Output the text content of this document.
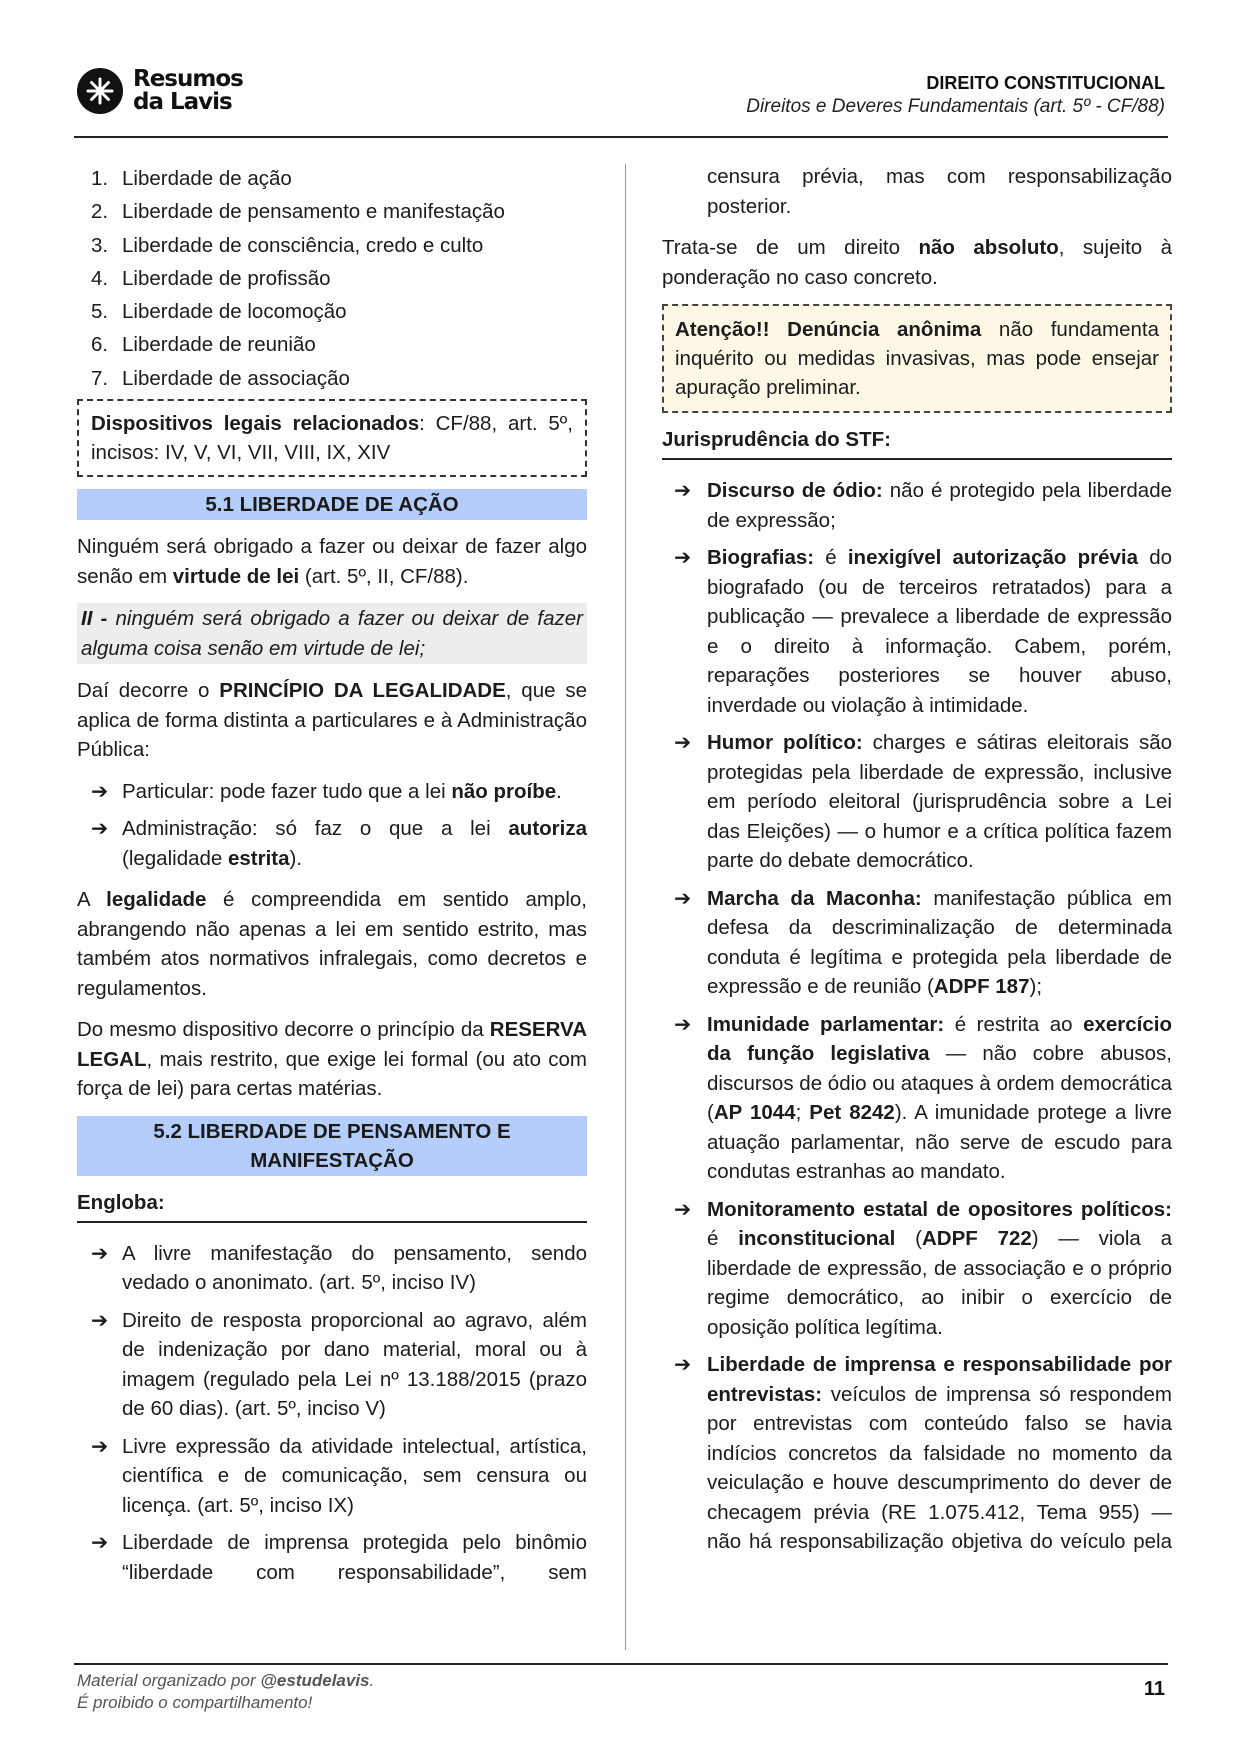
Resumos
da Lavis
DIREITO CONSTITUCIONAL
Direitos e Deveres Fundamentais (art. 5º - CF/88)
1. Liberdade de ação
2. Liberdade de pensamento e manifestação
3. Liberdade de consciência, credo e culto
4. Liberdade de profissão
5. Liberdade de locomoção
6. Liberdade de reunião
7. Liberdade de associação
Dispositivos legais relacionados: CF/88, art. 5º, incisos: IV, V, VI, VII, VIII, IX, XIV
5.1 LIBERDADE DE AÇÃO

Ninguém será obrigado a fazer ou deixar de fazer algo senão em virtude de lei (art. 5º, II, CF/88).

II - ninguém será obrigado a fazer ou deixar de fazer alguma coisa senão em virtude de lei;

Daí decorre o PRINCÍPIO DA LEGALIDADE, que se aplica de forma distinta a particulares e à Administração Pública:

➔ Particular: pode fazer tudo que a lei não proíbe.
➔ Administração: só faz o que a lei autoriza (legalidade estrita).

A legalidade é compreendida em sentido amplo, abrangendo não apenas a lei em sentido estrito, mas também atos normativos infralegais, como decretos e regulamentos.

Do mesmo dispositivo decorre o princípio da RESERVA LEGAL, mais restrito, que exige lei formal (ou ato com força de lei) para certas matérias.

5.2 LIBERDADE DE PENSAMENTO E
MANIFESTAÇÃO
Engloba:
➔ A livre manifestação do pensamento, sendo vedado o anonimato. (art. 5º, inciso IV)
➔ Direito de resposta proporcional ao agravo, além de indenização por dano material, moral ou à imagem (regulado pela Lei nº 13.188/2015 (prazo de 60 dias). (art. 5º, inciso V)
➔ Livre expressão da atividade intelectual, artística, científica e de comunicação, sem censura ou licença. (art. 5º, inciso IX)
➔ Liberdade de imprensa protegida pelo binômio “liberdade com responsabilidade”, sem

censura prévia, mas com responsabilização posterior.

Trata-se de um direito não absoluto, sujeito à ponderação no caso concreto.

Atenção!! Denúncia anônima não fundamenta inquérito ou medidas invasivas, mas pode ensejar apuração preliminar.
Jurisprudência do STF:
➔ Discurso de ódio: não é protegido pela liberdade de expressão;
➔ Biografias: é inexigível autorização prévia do biografado (ou de terceiros retratados) para a publicação — prevalece a liberdade de expressão e o direito à informação. Cabem, porém, reparações posteriores se houver abuso, inverdade ou violação à intimidade.
➔ Humor político: charges e sátiras eleitorais são protegidas pela liberdade de expressão, inclusive em período eleitoral (jurisprudência sobre a Lei das Eleições) — o humor e a crítica política fazem parte do debate democrático.
➔ Marcha da Maconha: manifestação pública em defesa da descriminalização de determinada conduta é legítima e protegida pela liberdade de expressão e de reunião (ADPF 187);
➔ Imunidade parlamentar: é restrita ao exercício da função legislativa — não cobre abusos, discursos de ódio ou ataques à ordem democrática (AP 1044; Pet 8242). A imunidade protege a livre atuação parlamentar, não serve de escudo para condutas estranhas ao mandato.
➔ Monitoramento estatal de opositores políticos: é inconstitucional (ADPF 722) — viola a liberdade de expressão, de associação e o próprio regime democrático, ao inibir o exercício de oposição política legítima.
➔ Liberdade de imprensa e responsabilidade por entrevistas: veículos de imprensa só respondem por entrevistas com conteúdo falso se havia indícios concretos da falsidade no momento da veiculação e houve descumprimento do dever de checagem prévia (RE 1.075.412, Tema 955) — não há responsabilização objetiva do veículo pela
Material organizado por @estudelavis.
É proibido o compartilhamento!
11
